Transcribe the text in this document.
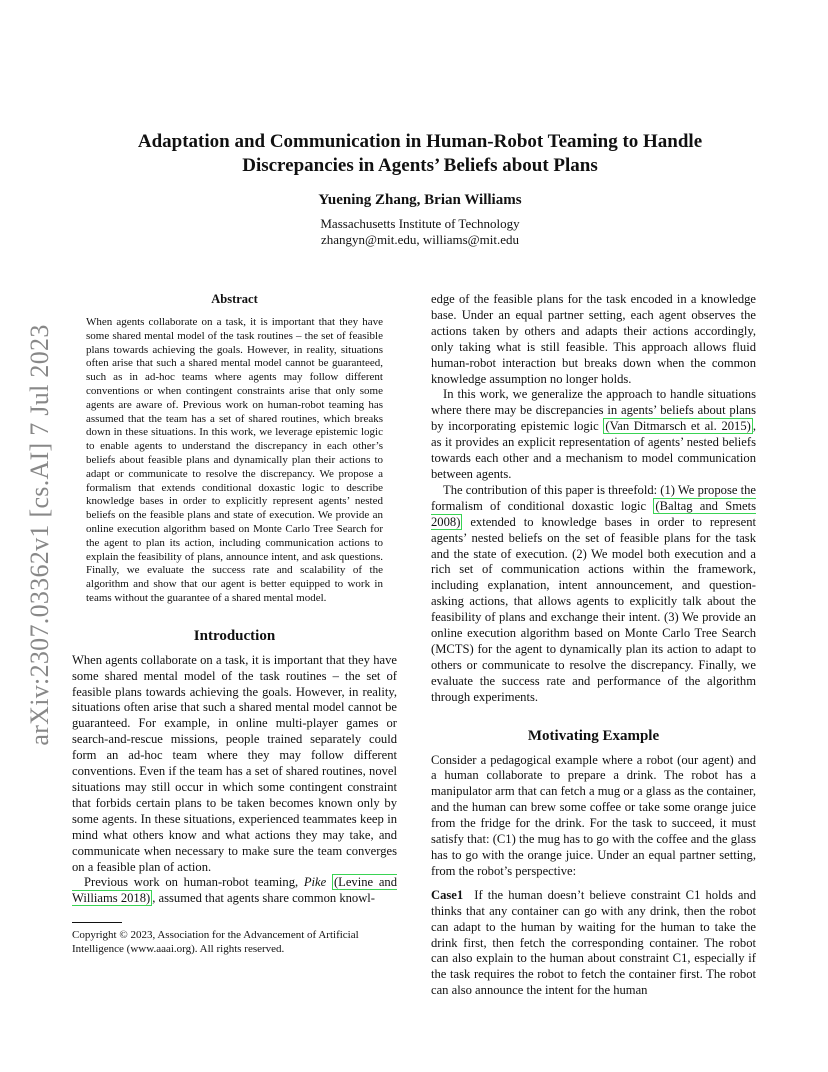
arXiv:2307.03362v1 [cs.AI] 7 Jul 2023
Adaptation and Communication in Human-Robot Teaming to Handle
Discrepancies in Agents’ Beliefs about Plans
Yuening Zhang, Brian Williams
Massachusetts Institute of Technology
zhangyn@mit.edu, williams@mit.edu
Abstract
When agents collaborate on a task, it is important that they have some shared mental model of the task routines – the set of feasible plans towards achieving the goals. However, in reality, situations often arise that such a shared mental model cannot be guaranteed, such as in ad-hoc teams where agents may follow different conventions or when contingent constraints arise that only some agents are aware of. Previous work on human-robot teaming has assumed that the team has a set of shared routines, which breaks down in these situations. In this work, we leverage epistemic logic to enable agents to understand the discrepancy in each other’s beliefs about feasible plans and dynamically plan their actions to adapt or communicate to resolve the discrepancy. We propose a formalism that extends conditional doxastic logic to describe knowledge bases in order to explicitly represent agents’ nested beliefs on the feasible plans and state of execution. We provide an online execution algorithm based on Monte Carlo Tree Search for the agent to plan its action, including communication actions to explain the feasibility of plans, announce intent, and ask questions. Finally, we evaluate the success rate and scalability of the algorithm and show that our agent is better equipped to work in teams without the guarantee of a shared mental model.
Introduction

When agents collaborate on a task, it is important that they have some shared mental model of the task routines – the set of feasible plans towards achieving the goals. However, in reality, situations often arise that such a shared mental model cannot be guaranteed. For example, in online multi-player games or search-and-rescue missions, people trained separately could form an ad-hoc team where they may follow different conventions. Even if the team has a set of shared routines, novel situations may still occur in which some contingent constraint that forbids certain plans to be taken becomes known only by some agents. In these situations, experienced teammates keep in mind what others know and what actions they may take, and communicate when necessary to make sure the team converges on a feasible plan of action.

Previous work on human-robot teaming, Pike (Levine and Williams 2018) , assumed that agents share common knowl-

Copyright © 2023, Association for the Advancement of Artificial Intelligence (www.aaai.org). All rights reserved.

edge of the feasible plans for the task encoded in a knowledge base. Under an equal partner setting, each agent observes the actions taken by others and adapts their actions accordingly, only taking what is still feasible. This approach allows fluid human-robot interaction but breaks down when the common knowledge assumption no longer holds.

In this work, we generalize the approach to handle situations where there may be discrepancies in agents’ beliefs about plans by incorporating epistemic logic (Van Ditmarsch et al. 2015) , as it provides an explicit representation of agents’ nested beliefs towards each other and a mechanism to model communication between agents.

The contribution of this paper is threefold: (1) We propose the formalism of conditional doxastic logic (Baltag and Smets 2008) extended to knowledge bases in order to represent agents’ nested beliefs on the set of feasible plans for the task and the state of execution. (2) We model both execution and a rich set of communication actions within the framework, including explanation, intent announcement, and question-asking actions, that allows agents to explicitly talk about the feasibility of plans and exchange their intent. (3) We provide an online execution algorithm based on Monte Carlo Tree Search (MCTS) for the agent to dynamically plan its action to adapt to others or communicate to resolve the discrepancy. Finally, we evaluate the success rate and performance of the algorithm through experiments.

Motivating Example

Consider a pedagogical example where a robot (our agent) and a human collaborate to prepare a drink. The robot has a manipulator arm that can fetch a mug or a glass as the container, and the human can brew some coffee or take some orange juice from the fridge for the drink. For the task to succeed, it must satisfy that: (C1) the mug has to go with the coffee and the glass has to go with the orange juice. Under an equal partner setting, from the robot’s perspective:

Case1 If the human doesn’t believe constraint C1 holds and thinks that any container can go with any drink, then the robot can adapt to the human by waiting for the human to take the drink first, then fetch the corresponding container. The robot can also explain to the human about constraint C1, especially if the task requires the robot to fetch the container first. The robot can also announce the intent for the human
